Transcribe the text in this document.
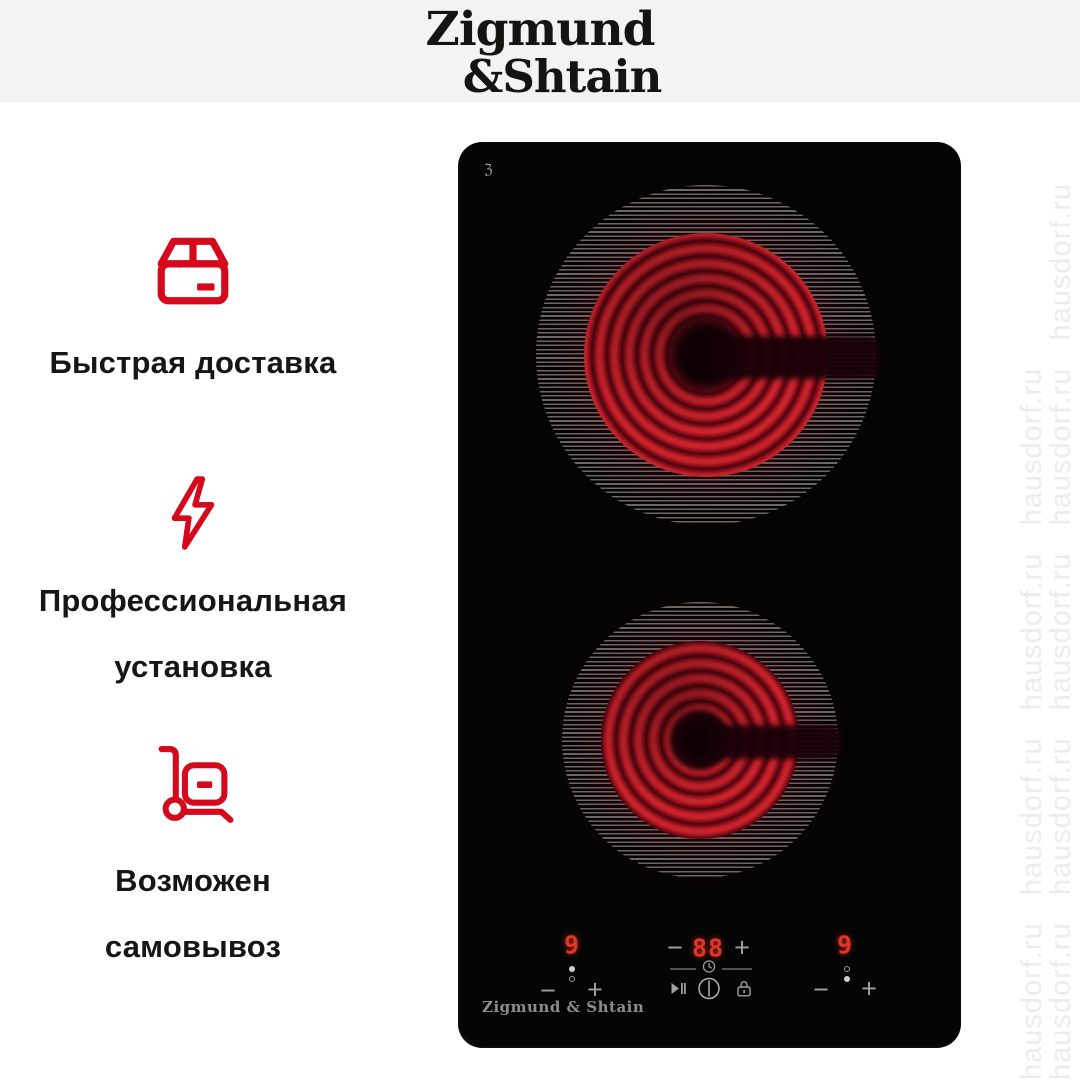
Zigmund
&Shtain
hausdorf.ru   hausdorf.ru   hausdorf.ru   hausdorf.ru   hausdorf.ru
hausdorf.ru   hausdorf.ru   hausdorf.ru   hausdorf.ru
Быстрая доставка
Профессиональная
установка
Возможен
самовывоз
ℨ
9
− +
− 88 +	9
− +
Zigmund & Shtain
